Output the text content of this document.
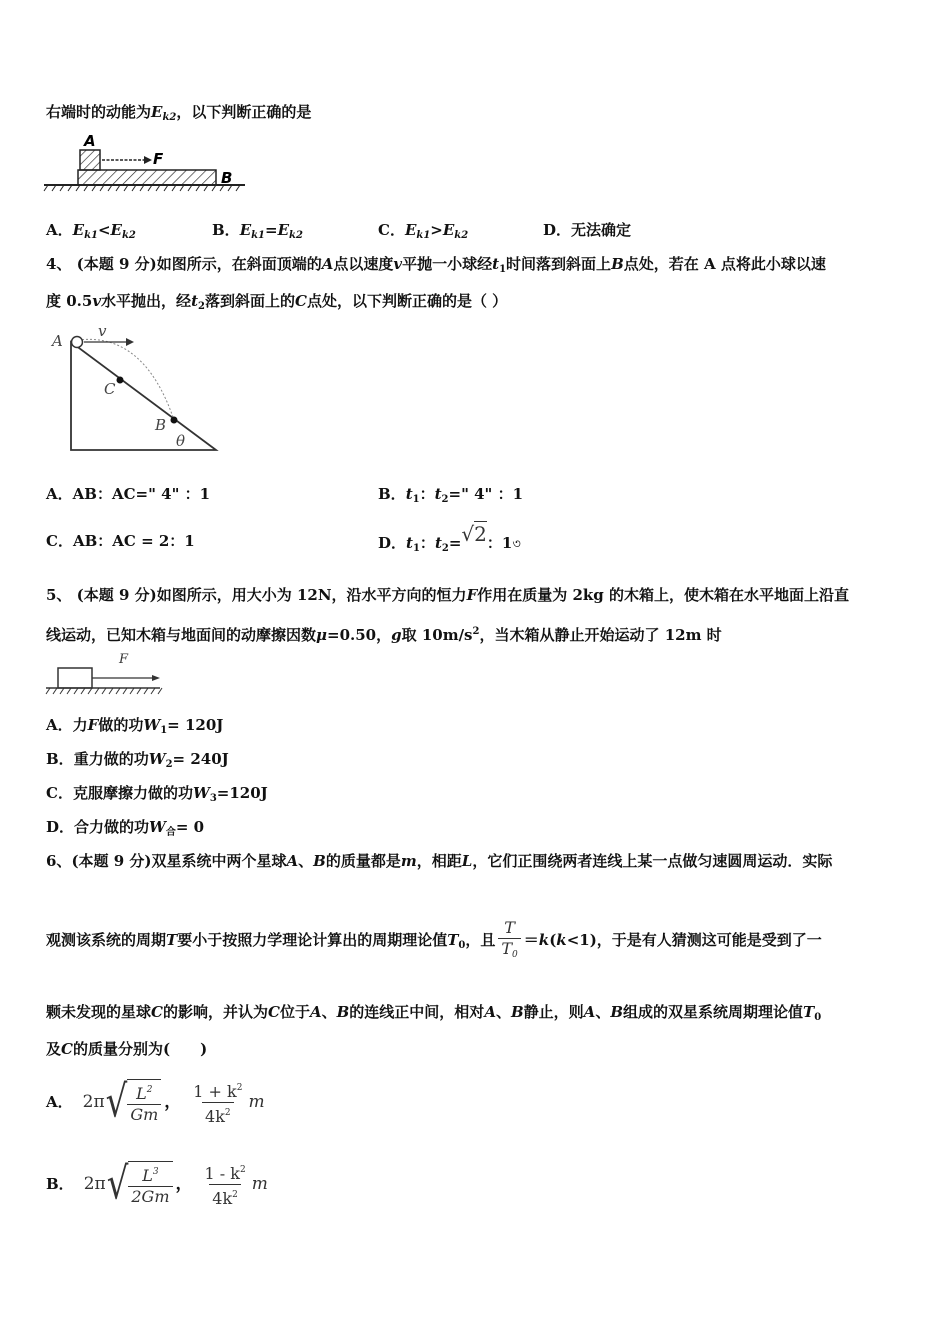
右端时的动能为$E_{k2}$，以下判断正确的是
A
F
B
A．$E_{k1}<E_{k2}$	B．$E_{k1}=E_{k2}$	C．$E_{k1}>E_{k2}$	D．无法确定
4、 (本题 9 分)如图所示，在斜面顶端的A点以速度v平抛一小球经$t_1$时间落到斜面上B点处，若在 A 点将此小球以速
度 0.5v水平抛出，经$t_2$落到斜面上的C点处，以下判断正确的是（ ）
A
v
C
B
θ
A．AB：AC=" 4" ：1	B．$t_1$：$t_2=$" 4" ：1
C．AB：AC = 2：1	D．$t_1$：$t_2=√2$：1৩
5、 (本题 9 分)如图所示，用大小为 12N，沿水平方向的恒力F作用在质量为 2kg 的木箱上，使木箱在水平地面上沿直
线运动，已知木箱与地面间的动摩擦因数μ=0.50，g取 $10m/s^2$，当木箱从静止开始运动了 12m 时
F
A．力F做的功$W_1= 120J$
B．重力做的功$W_2= 240J$
C．克服摩擦力做的功$W_3=120J$
D．合力做的功$W_合= 0$
6、(本题 9 分)双星系统中两个星球A、B的质量都是m，相距L，它们正围绕两者连线上某一点做匀速圆周运动．实际
观测该系统的周期T要小于按照力学理论计算出的周期理论值$T_0$，且 $\frac{T}{T0} =k(k<1)$，于是有人猜测这可能是受到了一
颗未发现的星球C的影响，并认为C位于A、B的连线正中间，相对A、B静止，则A、B组成的双星系统周期理论值$T_0$
及C的质量分别为(　　)
A． 2π √ $\frac{L^2}{Gm}$ ， $\frac{1 + k^2}{4k^2}$ m
B． 2π √ $\frac{L^3}{2Gm}$ ， $\frac{1 - k^2}{4k^2}$ m
